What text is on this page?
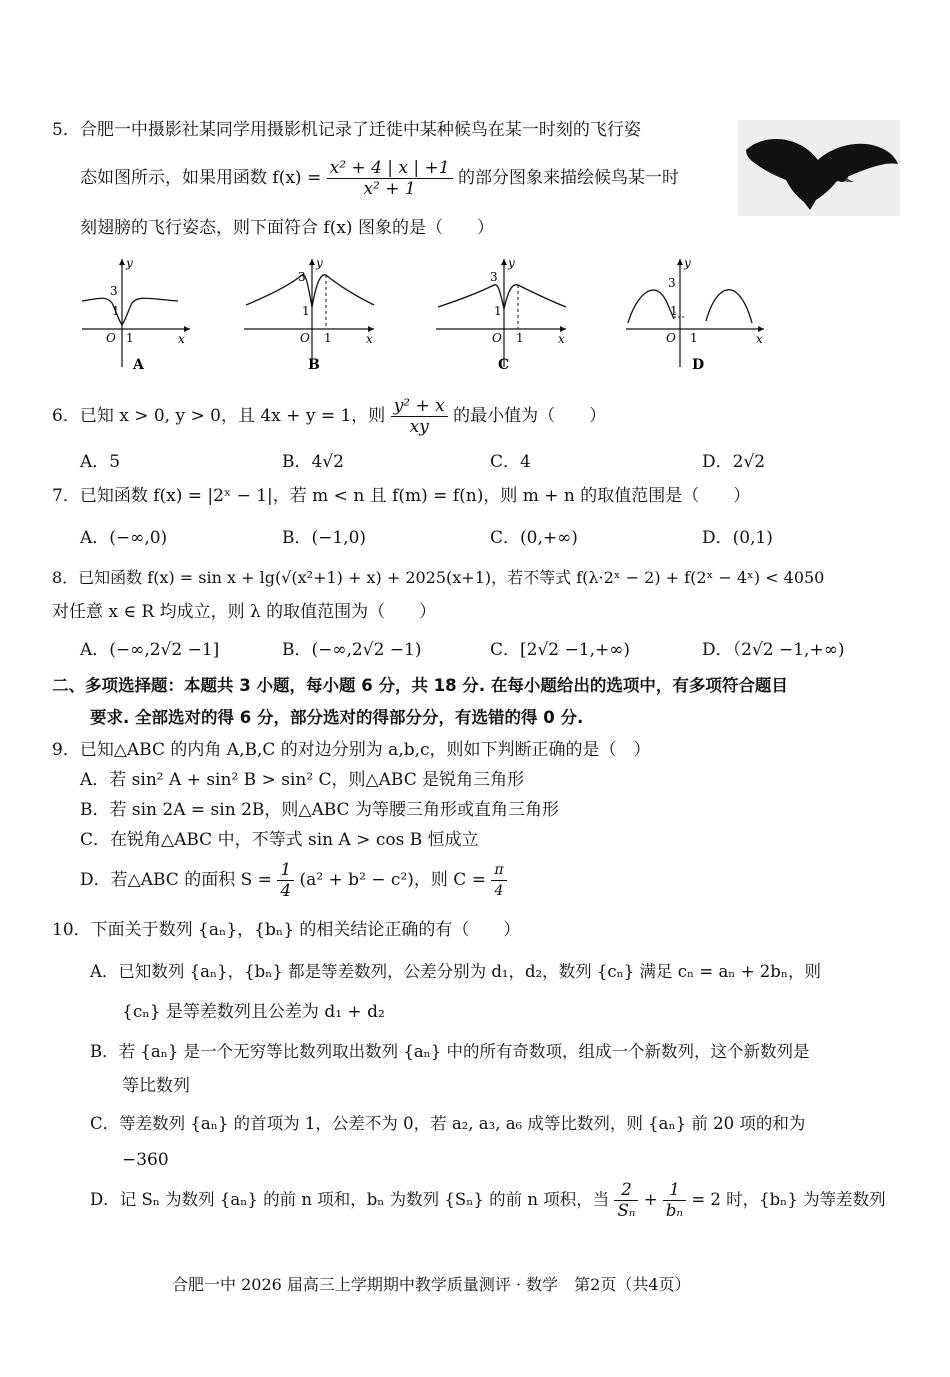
5．合肥一中摄影社某同学用摄影机记录了迁徙中某种候鸟在某一时刻的飞行姿
态如图所示，如果用函数 $f(x) = \frac{\text{x² + 4 | x | +1}}{\text{x² + 1}}$ 的部分图象来描绘候鸟某一时
刻翅膀的飞行姿态，则下面符合 f(x) 图象的是（　　）
y
x
O 1
1
3
A
y
x
O 1
1
3
B
y
x
O 1
1
3
C
y
x
O 1
1
3
D
6．已知 x > 0, y > 0，且 4x + y = 1，则 $\frac{\text{y² + x}}{xy}$ 的最小值为（　　）
A．5	B．4√2	C．4	D．2√2
7．已知函数 f(x) = |2ˣ − 1|，若 m < n 且 f(m) = f(n)，则 m + n 的取值范围是（　　）
A．(−∞,0)	B．(−1,0)	C．(0,+∞)	D．(0,1)
8．已知函数 f(x) = sin x + lg(√(x²+1) + x) + 2025(x+1)，若不等式 f(λ·2ˣ − 2) + f(2ˣ − 4ˣ) < 4050
对任意 x ∈ R 均成立，则 λ 的取值范围为（　　）
A．(−∞,2√2 −1]	B．(−∞,2√2 −1)	C．[2√2 −1,+∞)	D．（2√2 −1,+∞)
二、多项选择题：本题共 3 小题，每小题 6 分，共 18 分. 在每小题给出的选项中，有多项符合题目
要求. 全部选对的得 6 分，部分选对的得部分分，有选错的得 0 分.
9．已知△ABC 的内角 A,B,C 的对边分别为 a,b,c，则如下判断正确的是（　）
A．若 sin² A + sin² B > sin² C，则△ABC 是锐角三角形
B．若 sin 2A = sin 2B，则△ABC 为等腰三角形或直角三角形
C．在锐角△ABC 中，不等式 sin A > cos B 恒成立
D．若△ABC 的面积 $S = \frac{1}{4} (a^2 + b^2 - c^2)$，则 $C = \frac{\pi}{4}$
10．下面关于数列 {aₙ}，{bₙ} 的相关结论正确的有（　　）
A．已知数列 {aₙ}，{bₙ} 都是等差数列，公差分别为 d₁，d₂，数列 {cₙ} 满足 cₙ = aₙ + 2bₙ，则
{cₙ} 是等差数列且公差为 d₁ + d₂
B．若 {aₙ} 是一个无穷等比数列取出数列 {aₙ} 中的所有奇数项，组成一个新数列，这个新数列是
等比数列
C．等差数列 {aₙ} 的首项为 1，公差不为 0，若 a₂, a₃, a₆ 成等比数列，则 {aₙ} 前 20 项的和为
−360
D．记 Sₙ 为数列 {aₙ} 的前 n 项和，bₙ 为数列 {Sₙ} 的前 n 项积，当 $\frac{2}{\text{Sₙ}} + \frac{1}{\text{bₙ}} = 2$ 时，{bₙ} 为等差数列
合肥一中 2026 届高三上学期期中教学质量测评 · 数学　第2页（共4页）
